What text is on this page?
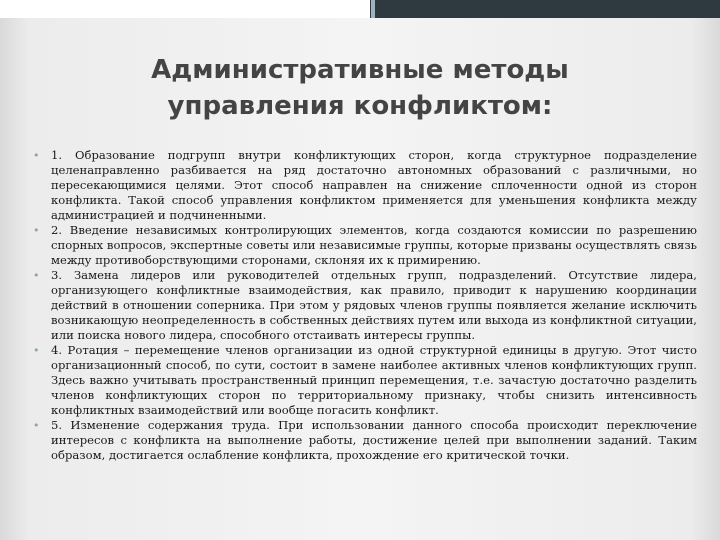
Административные методы
управления конфликтом:
• 1. Образование подгрупп внутри конфликтующих сторон, когда структурное подразделение целенаправленно разбивается на ряд достаточно автономных образований с различными, но пересекающимися целями. Этот способ направлен на снижение сплоченности одной из сторон конфликта. Такой способ управления конфликтом применяется для уменьшения конфликта между администрацией и подчиненными.
• 2. Введение независимых контролирующих элементов, когда создаются комиссии по разрешению спорных вопросов, экспертные советы или независимые группы, которые призваны осуществлять связь между противоборствующими сторонами, склоняя их к примирению.
• 3. Замена лидеров или руководителей отдельных групп, подразделений. Отсутствие лидера, организующего конфликтные взаимодействия, как правило, приводит к нарушению координации действий в отношении соперника. При этом у рядовых членов группы появляется желание исключить возникающую неопределенность в собственных действиях путем или выхода из конфликтной ситуации, или поиска нового лидера, способного отстаивать интересы группы.
• 4. Ротация – перемещение членов организации из одной структурной единицы в другую. Этот чисто организационный способ, по сути, состоит в замене наиболее активных членов конфликтующих групп. Здесь важно учитывать пространственный принцип перемещения, т.е. зачастую достаточно разделить членов конфликтующих сторон по территориальному признаку, чтобы снизить интенсивность конфликтных взаимодействий или вообще погасить конфликт.
• 5. Изменение содержания труда. При использовании данного способа происходит переключение интересов с конфликта на выполнение работы, достижение целей при выполнении заданий. Таким образом, достигается ослабление конфликта, прохождение его критической точки.
